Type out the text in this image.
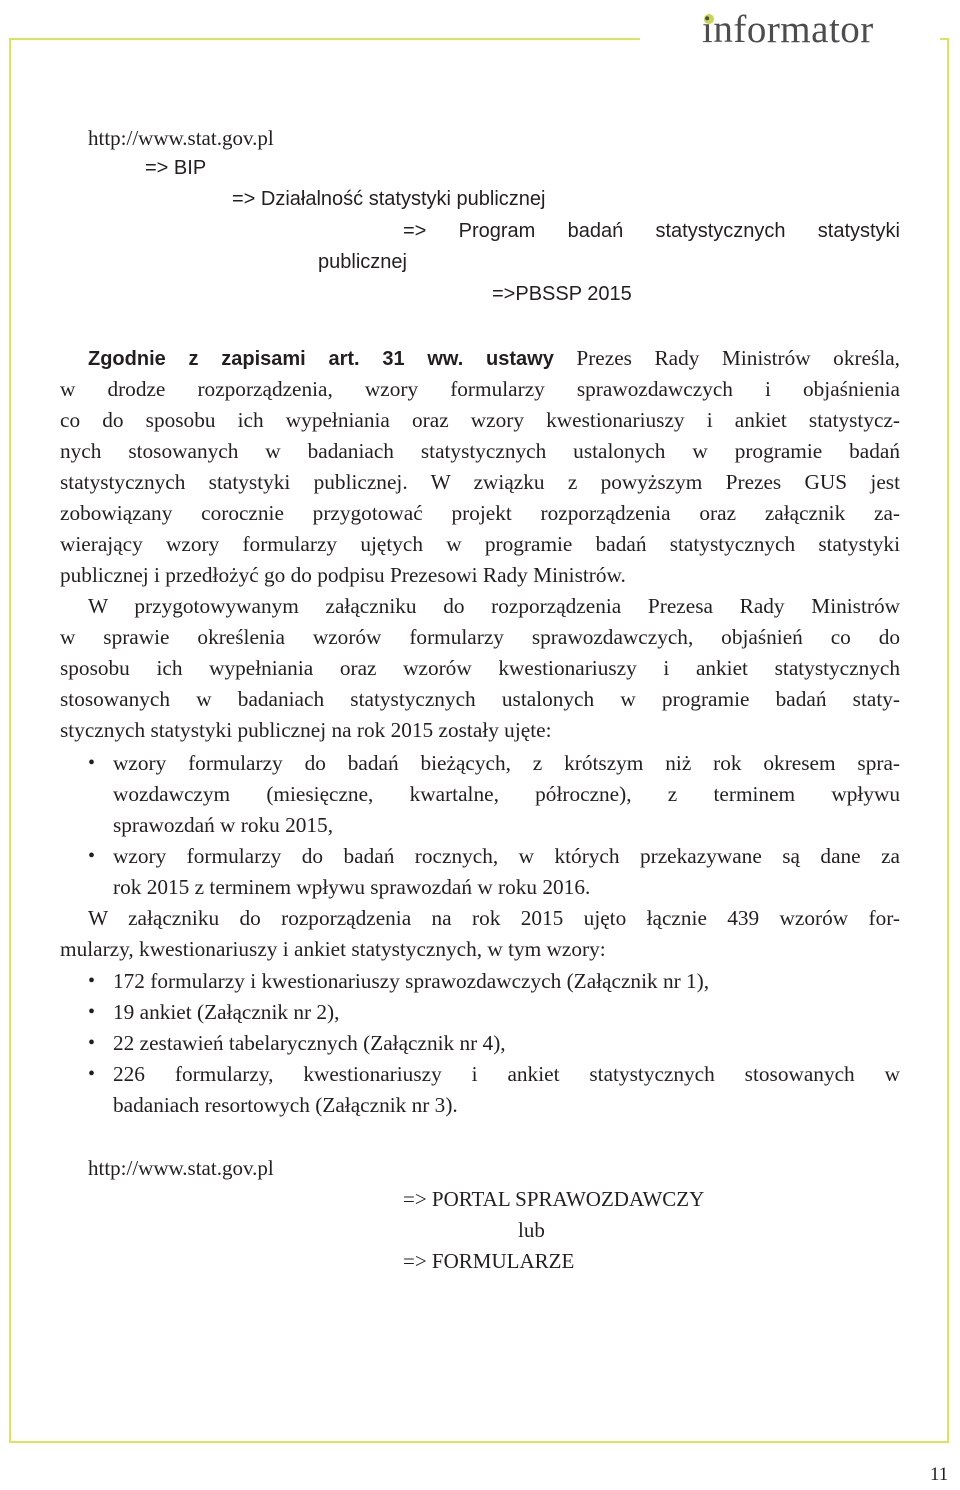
informator
http://www.stat.gov.pl
=> BIP
=> Działalność statystyki publicznej
=> Program badań statystycznych statystyki
publicznej
=>PBSSP 2015
Zgodnie z zapisami art. 31 ww. ustawy Prezes Rady Ministrów określa,
w drodze rozporządzenia, wzory formularzy sprawozdawczych i objaśnienia
co do sposobu ich wypełniania oraz wzory kwestionariuszy i ankiet statystycz-
nych stosowanych w badaniach statystycznych ustalonych w programie badań
statystycznych statystyki publicznej. W związku z powyższym Prezes GUS jest
zobowiązany corocznie przygotować projekt rozporządzenia oraz załącznik za-
wierający wzory formularzy ujętych w programie badań statystycznych statystyki
publicznej i przedłożyć go do podpisu Prezesowi Rady Ministrów.
W przygotowywanym załączniku do rozporządzenia Prezesa Rady Ministrów
w sprawie określenia wzorów formularzy sprawozdawczych, objaśnień co do
sposobu ich wypełniania oraz wzorów kwestionariuszy i ankiet statystycznych
stosowanych w badaniach statystycznych ustalonych w programie badań staty-
stycznych statystyki publicznej na rok 2015 zostały ujęte:
• wzory formularzy do badań bieżących, z krótszym niż rok okresem spra-
wozdawczym (miesięczne, kwartalne, półroczne), z terminem wpływu
sprawozdań w roku 2015,
• wzory formularzy do badań rocznych, w których przekazywane są dane za
rok 2015 z terminem wpływu sprawozdań w roku 2016.
W załączniku do rozporządzenia na rok 2015 ujęto łącznie 439 wzorów for-
mularzy, kwestionariuszy i ankiet statystycznych, w tym wzory:
• 172 formularzy i kwestionariuszy sprawozdawczych (Załącznik nr 1),
• 19 ankiet (Załącznik nr 2),
• 22 zestawień tabelarycznych (Załącznik nr 4),
• 226 formularzy, kwestionariuszy i ankiet statystycznych stosowanych w
badaniach resortowych (Załącznik nr 3).
http://www.stat.gov.pl
=> PORTAL SPRAWOZDAWCZY
lub
=> FORMULARZE
11
